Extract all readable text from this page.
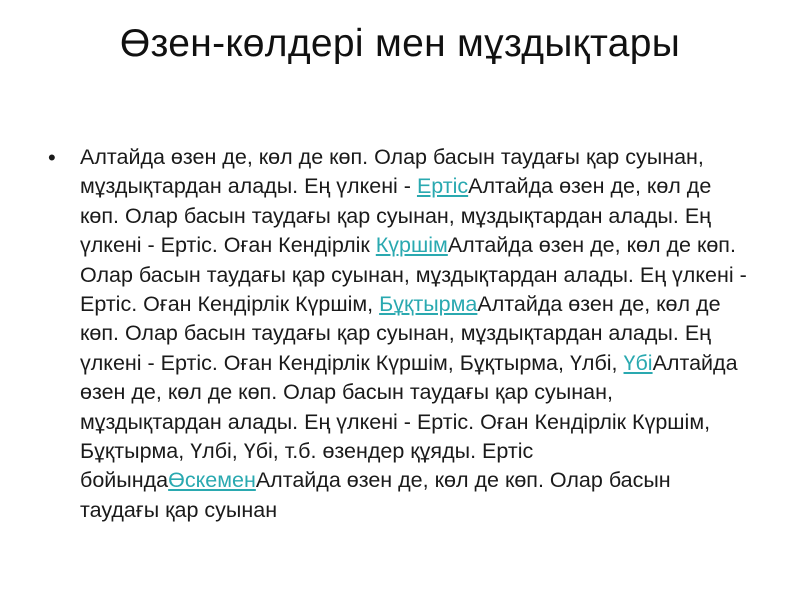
Өзен-көлдері мен мұздықтары
• Алтайда өзен де, көл де көп. Олар басын таудағы қар суынан, мұздықтардан алады. Ең үлкені - ЕртісАлтайда өзен де, көл де көп. Олар басын таудағы қар суынан, мұздықтардан алады. Ең үлкені - Ертіс. Оған Кендірлік КүршімАлтайда өзен де, көл де көп. Олар басын таудағы қар суынан, мұздықтардан алады. Ең үлкені - Ертіс. Оған Кендірлік Күршім, БұқтырмаАлтайда өзен де, көл де көп. Олар басын таудағы қар суынан, мұздықтардан алады. Ең үлкені - Ертіс. Оған Кендірлік Күршім, Бұқтырма, Үлбі, ҮбіАлтайда өзен де, көл де көп. Олар басын таудағы қар суынан, мұздықтардан алады. Ең үлкені - Ертіс. Оған Кендірлік Күршім, Бұқтырма, Үлбі, Үбі, т.б. өзендер құяды. Ертіс бойындаӨскеменАлтайда өзен де, көл де көп. Олар басын таудағы қар суынан
